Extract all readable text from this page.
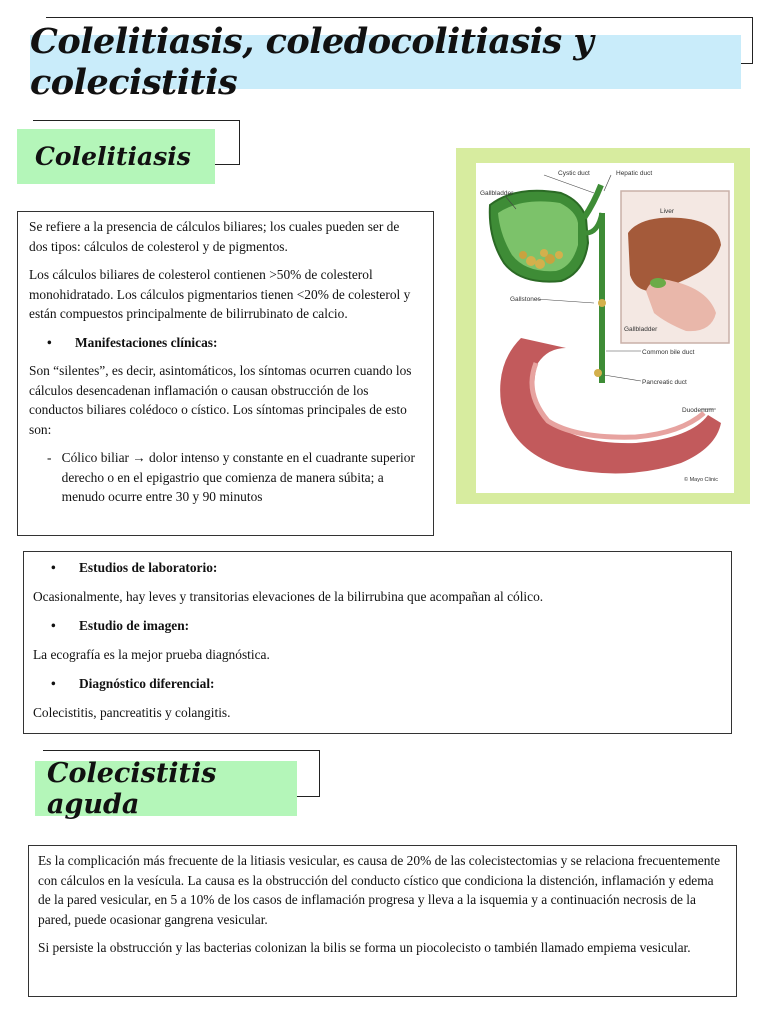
Colelitiasis, coledocolitiasis y colecistitis
Colelitiasis

Se refiere a la presencia de cálculos biliares; los cuales pueden ser de dos tipos: cálculos de colesterol y de pigmentos.

Los cálculos biliares de colesterol contienen >50% de colesterol monohidratado. Los cálculos pigmentarios tienen <20% de colesterol y están compuestos principalmente de bilirrubinato de calcio.

•	Manifestaciones clínicas:

Son “silentes”, es decir, asintomáticos, los síntomas ocurren cuando los cálculos desencadenan inflamación o causan obstrucción de los conductos biliares colédoco o cístico. Los síntomas principales de esto son:

- Cólico biliar → dolor intenso y constante en el cuadrante superior derecho o en el epigastrio que comienza de manera súbita; a menudo ocurre entre 30 y 90 minutos
Cystic duct	Hepatic duct
Gallbladder
Liver
Gallstones
Gallbladder
Common bile duct
Pancreatic duct
Duodenum
© Mayo Clinic
•	Estudios de laboratorio:

Ocasionalmente, hay leves y transitorias elevaciones de la bilirrubina que acompañan al cólico.

•	Estudio de imagen:

La ecografía es la mejor prueba diagnóstica.

•	Diagnóstico diferencial:

Colecistitis, pancreatitis y colangitis.

Colecistitis aguda

Es la complicación más frecuente de la litiasis vesicular, es causa de 20% de las colecistectomias y se relaciona frecuentemente con cálculos en la vesícula. La causa es la obstrucción del conducto cístico que condiciona la distención, inflamación y edema de la pared vesicular, en 5 a 10% de los casos de inflamación progresa y lleva a la isquemia y a continuación necrosis de la pared, puede ocasionar gangrena vesicular.

Si persiste la obstrucción y las bacterias colonizan la bilis se forma un piocolecisto o también llamado empiema vesicular.
